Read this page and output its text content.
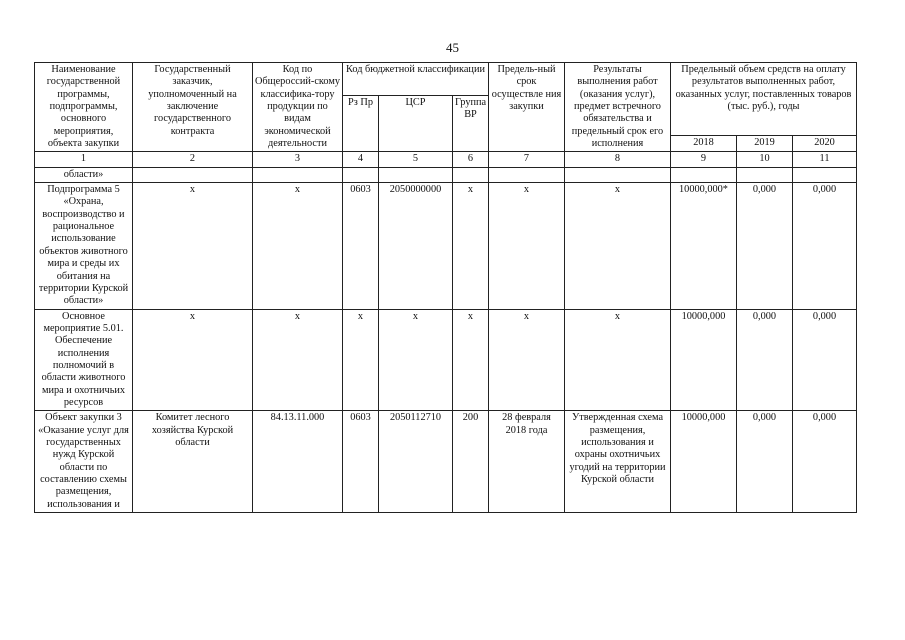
45
Наименование государственной программы, подпрограммы, основного мероприятия, объекта закупки	Государственный заказчик, уполномоченный на заключение государственного контракта	Код по Общероссий-скому классифика-тору продукции по видам экономической деятельности	Код бюджетной классификации			Предель-ный срок осуществле ния закупки	Результаты выполнения работ (оказания услуг), предмет встречного обязательства и предельный срок его исполнения	Предельный объем средств на оплату результатов выполненных работ, оказанных услуг, поставленных товаров (тыс. руб.), годы		
			Рз Пр	ЦСР	Группа ВР					
								2018	2019	2020
1	2	3	4	5	6	7	8	9	10	11
области»										
Подпрограмма 5 «Охрана, воспроизводство и рациональное использование объектов животного мира и среды их обитания на территории Курской области»	х	х	0603	2050000000	х	х	х	10000,000*	0,000	0,000
Основное мероприятие 5.01. Обеспечение исполнения полномочий в области животного мира и охотничьих ресурсов	х	х	х	х	х	х	х	10000,000	0,000	0,000
Объект закупки 3 «Оказание услуг для государственных нужд Курской области по составлению схемы размещения, использования и	Комитет лесного хозяйства Курской области	84.13.11.000	0603	2050112710	200	28 февраля 2018 года	Утвержденная схема размещения, использования и охраны охотничьих угодий на территории Курской области	10000,000	0,000	0,000
